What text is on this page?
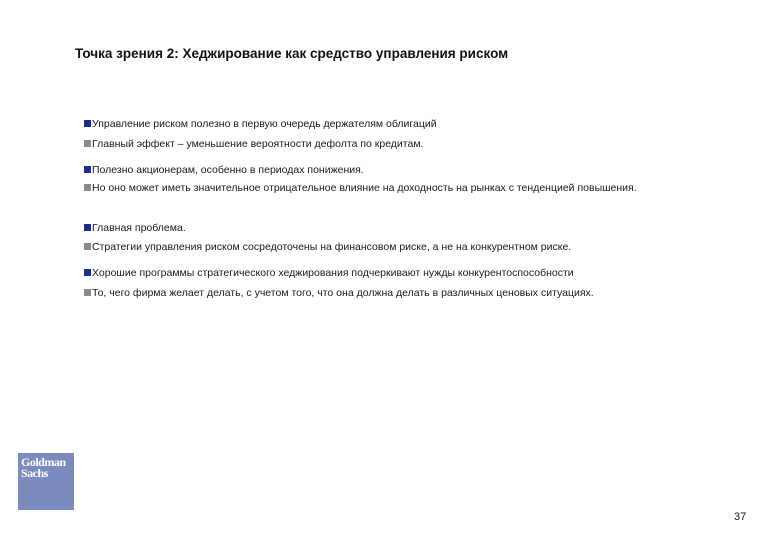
Точка зрения 2: Хеджирование как средство управления риском
Управление риском полезно в первую очередь держателям облигаций
Главный эффект – уменьшение вероятности дефолта по кредитам.
Полезно акционерам, особенно в периодах понижения.
Но оно может иметь значительное отрицательное влияние на доходность на рынках с тенденцией повышения.
Главная проблема.
Стратегии управления риском сосредоточены на финансовом риске, а не на конкурентном риске.
Хорошие программы стратегического хеджирования подчеркивают нужды конкурентоспособности
То, чего фирма желает делать, с учетом того, что она должна делать в различных ценовых ситуациях.
Goldman
Sachs
37
